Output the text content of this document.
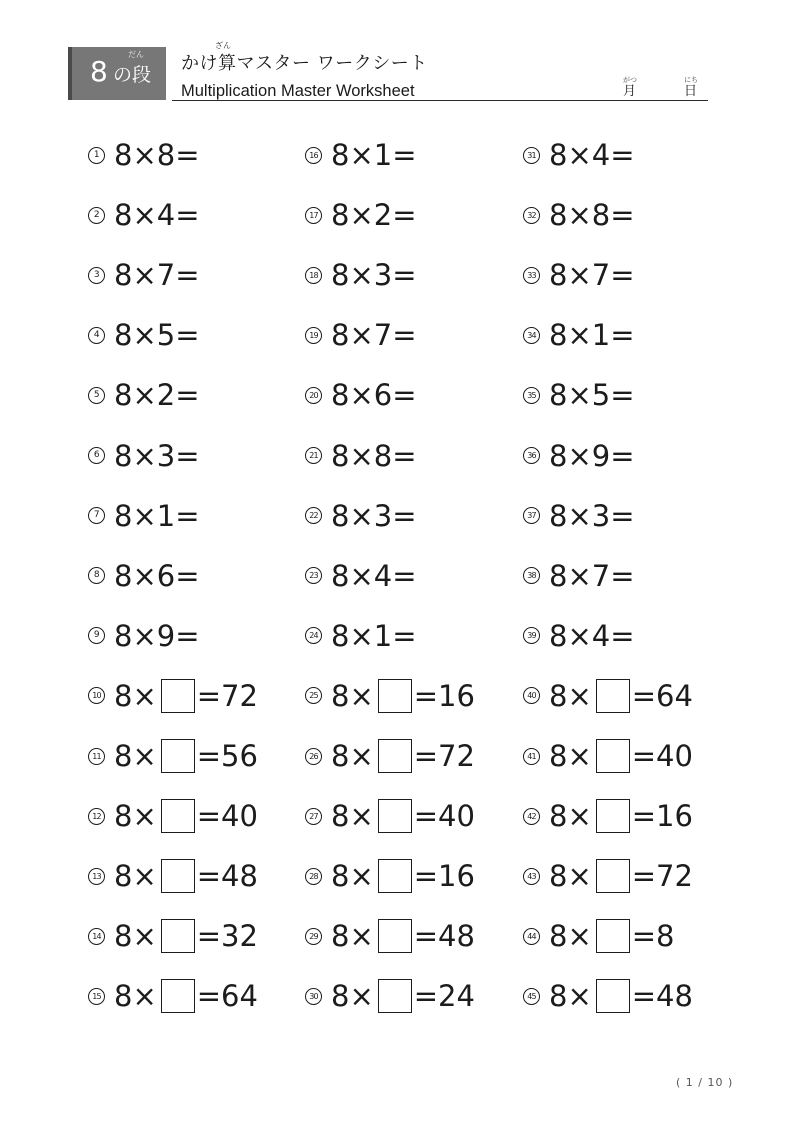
だん
8 の段
ざん
かけ算マスター ワークシート
Multiplication Master Worksheet
がつ
月
にち
日
1 8×8=
2 8×4=
3 8×7=
4 8×5=
5 8×2=
6 8×3=
7 8×1=
8 8×6=
9 8×9=
10 8× =72
11 8× =56
12 8× =40
13 8× =48
14 8× =32
15 8× =64
16 8×1=
17 8×2=
18 8×3=
19 8×7=
20 8×6=
21 8×8=
22 8×3=
23 8×4=
24 8×1=
25 8× =16
26 8× =72
27 8× =40
28 8× =16
29 8× =48
30 8× =24
31 8×4=
32 8×8=
33 8×7=
34 8×1=
35 8×5=
36 8×9=
37 8×3=
38 8×7=
39 8×4=
40 8× =64
41 8× =40
42 8× =16
43 8× =72
44 8× =8
45 8× =48
( 1 / 10 )
